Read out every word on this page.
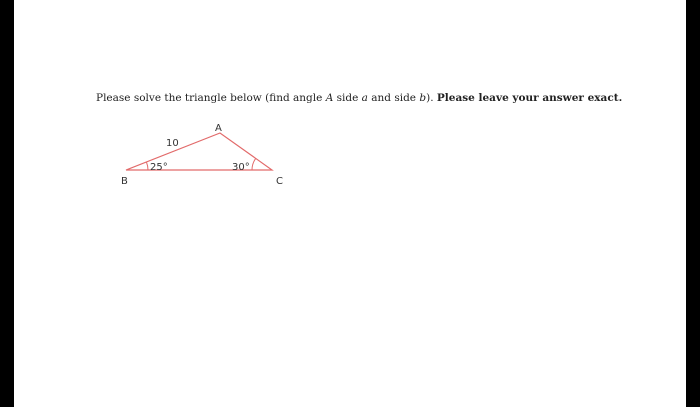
Please solve the triangle below (find angle A side a and side b). Please leave your answer exact.
A
B	C
10
25°	30°
